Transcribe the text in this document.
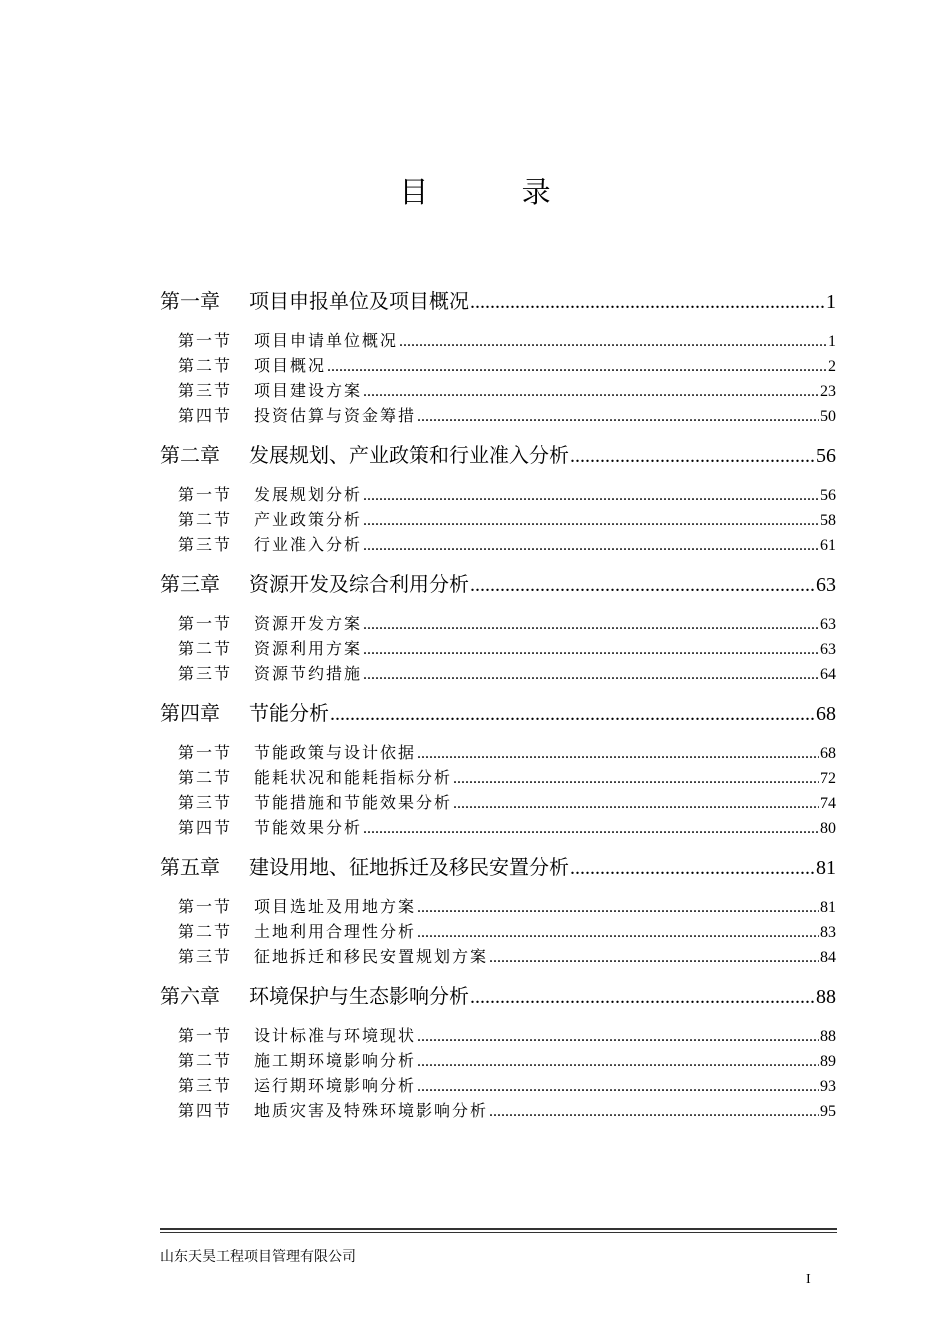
目 录
第一章	项目申报单位及项目概况 .....	1
第一节	项目申请单位概况 .....	1
第二节	项目概况 .....	2
第三节	项目建设方案 .....	23
第四节	投资估算与资金筹措 .....	50
第二章	发展规划、产业政策和行业准入分析 .....	56
第一节	发展规划分析 .....	56
第二节	产业政策分析 .....	58
第三节	行业准入分析 .....	61
第三章	资源开发及综合利用分析 .....	63
第一节	资源开发方案 .....	63
第二节	资源利用方案 .....	63
第三节	资源节约措施 .....	64
第四章	节能分析 .....	68
第一节	节能政策与设计依据 .....	68
第二节	能耗状况和能耗指标分析 .....	72
第三节	节能措施和节能效果分析 .....	74
第四节	节能效果分析 .....	80
第五章	建设用地、征地拆迁及移民安置分析 .....	81
第一节	项目选址及用地方案 .....	81
第二节	土地利用合理性分析 .....	83
第三节	征地拆迁和移民安置规划方案 .....	84
第六章	环境保护与生态影响分析 .....	88
第一节	设计标准与环境现状 .....	88
第二节	施工期环境影响分析 .....	89
第三节	运行期环境影响分析 .....	93
第四节	地质灾害及特殊环境影响分析 .....	95
山东天昊工程项目管理有限公司
I
